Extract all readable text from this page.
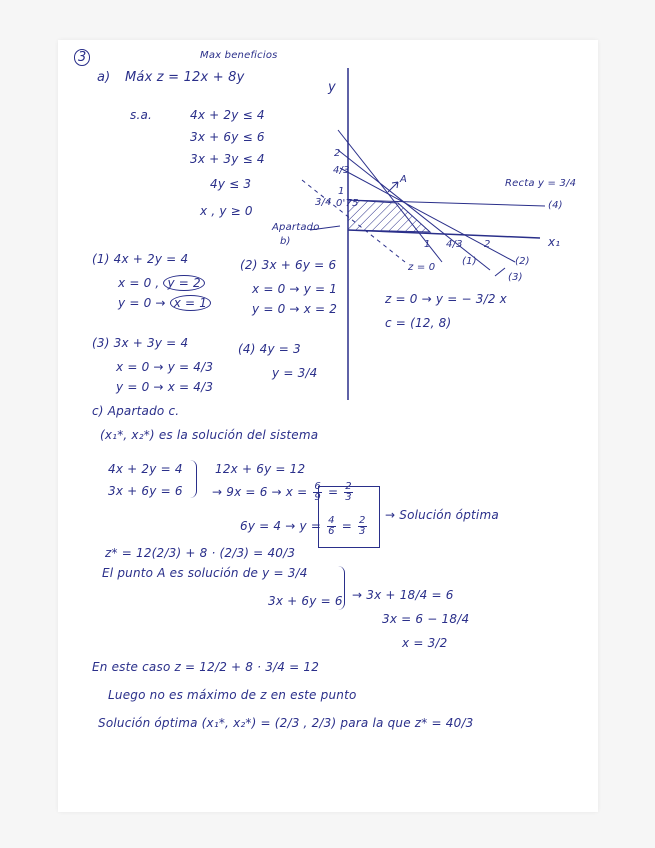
3	Max beneficios
a) Máx z = 12x + 8y
s.a.	4x + 2y ≤ 4
3x + 6y ≤ 6
3x + 3y ≤ 4
4y ≤ 3
x , y ≥ 0
y
x₁
A	Recta y = 3/4
(4)
2
4/3
1
3/4 0'75
1 4/3 2
Apartado
b)
z = 0
(1)	(2)
(3)
z = 0 → y = − 3/2 x
c = (12, 8)
(1) 4x + 2y = 4
x = 0 , y = 2
y = 0 → x = 1
(2) 3x + 6y = 6
x = 0 → y = 1
y = 0 → x = 2
(3) 3x + 3y = 4
x = 0 → y = 4/3
y = 0 → x = 4/3
(4) 4y = 3
y = 3/4
c) Apartado c.
(x₁*, x₂*) es la solución del sistema
4x + 2y = 4
3x + 6y = 6
12x + 6y = 12
→ $9x = 6 \to x = \frac{6}{9} = \frac{2}{3}$
$6y = 4 \to y = \frac{4}{6} = \frac{2}{3}$
→ Solución óptima
z* = 12(2/3) + 8 · (2/3) = 40/3
El punto A es solución de y = 3/4
3x + 6y = 6 → 3x + 18/4 = 6
3x = 6 − 18/4
x = 3/2
En este caso z = 12/2 + 8 · 3/4 = 12
Luego no es máximo de z en este punto
Solución óptima (x₁*, x₂*) = (2/3 , 2/3) para la que z* = 40/3
